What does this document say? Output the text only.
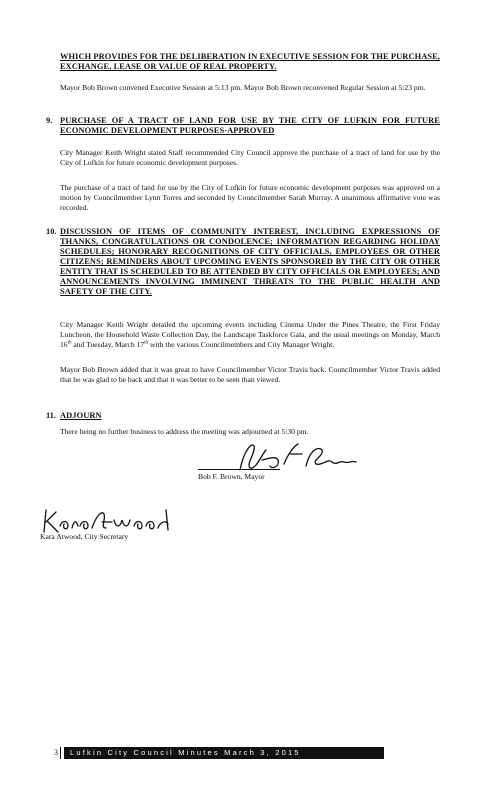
WHICH PROVIDES FOR THE DELIBERATION IN EXECUTIVE SESSION FOR THE PURCHASE, EXCHANGE, LEASE OR VALUE OF REAL PROPERTY.
Mayor Bob Brown convened Executive Session at 5:13 pm. Mayor Bob Brown reconvened Regular Session at 5:23 pm.
9. PURCHASE OF A TRACT OF LAND FOR USE BY THE CITY OF LUFKIN FOR FUTURE ECONOMIC DEVELOPMENT PURPOSES-APPROVED
City Manager Keith Wright stated Staff recommended City Council approve the purchase of a tract of land for use by the City of Lufkin for future economic development purposes.
The purchase of a tract of land for use by the City of Lufkin for future economic development purposes was approved on a motion by Councilmember Lynn Torres and seconded by Councilmember Sarah Murray. A unanimous affirmative vote was recorded.
10. DISCUSSION OF ITEMS OF COMMUNITY INTEREST, INCLUDING EXPRESSIONS OF THANKS, CONGRATULATIONS OR CONDOLENCE; INFORMATION REGARDING HOLIDAY SCHEDULES; HONORARY RECOGNITIONS OF CITY OFFICIALS, EMPLOYEES OR OTHER CITIZENS; REMINDERS ABOUT UPCOMING EVENTS SPONSORED BY THE CITY OR OTHER ENTITY THAT IS SCHEDULED TO BE ATTENDED BY CITY OFFICIALS OR EMPLOYEES; AND ANNOUNCEMENTS INVOLVING IMMINENT THREATS TO THE PUBLIC HEALTH AND SAFETY OF THE CITY.
City Manager Keith Wright detailed the upcoming events including Cinema Under the Pines Theatre, the First Friday Luncheon, the Household Waste Collection Day, the Landscape Taskforce Gala, and the usual meetings on Monday, March 16th and Tuesday, March 17th with the various Councilmembers and City Manager Wright.
Mayor Bob Brown added that it was great to have Councilmember Victor Travis back. Councilmember Victor Travis added that he was glad to be back and that it was better to be seen than viewed.
11. ADJOURN
There being no further business to address the meeting was adjourned at 5:30 pm.
Bob F. Brown, Mayor
Kara Atwood, City Secretary
3	Lufkin City Council Minutes March 3, 2015
